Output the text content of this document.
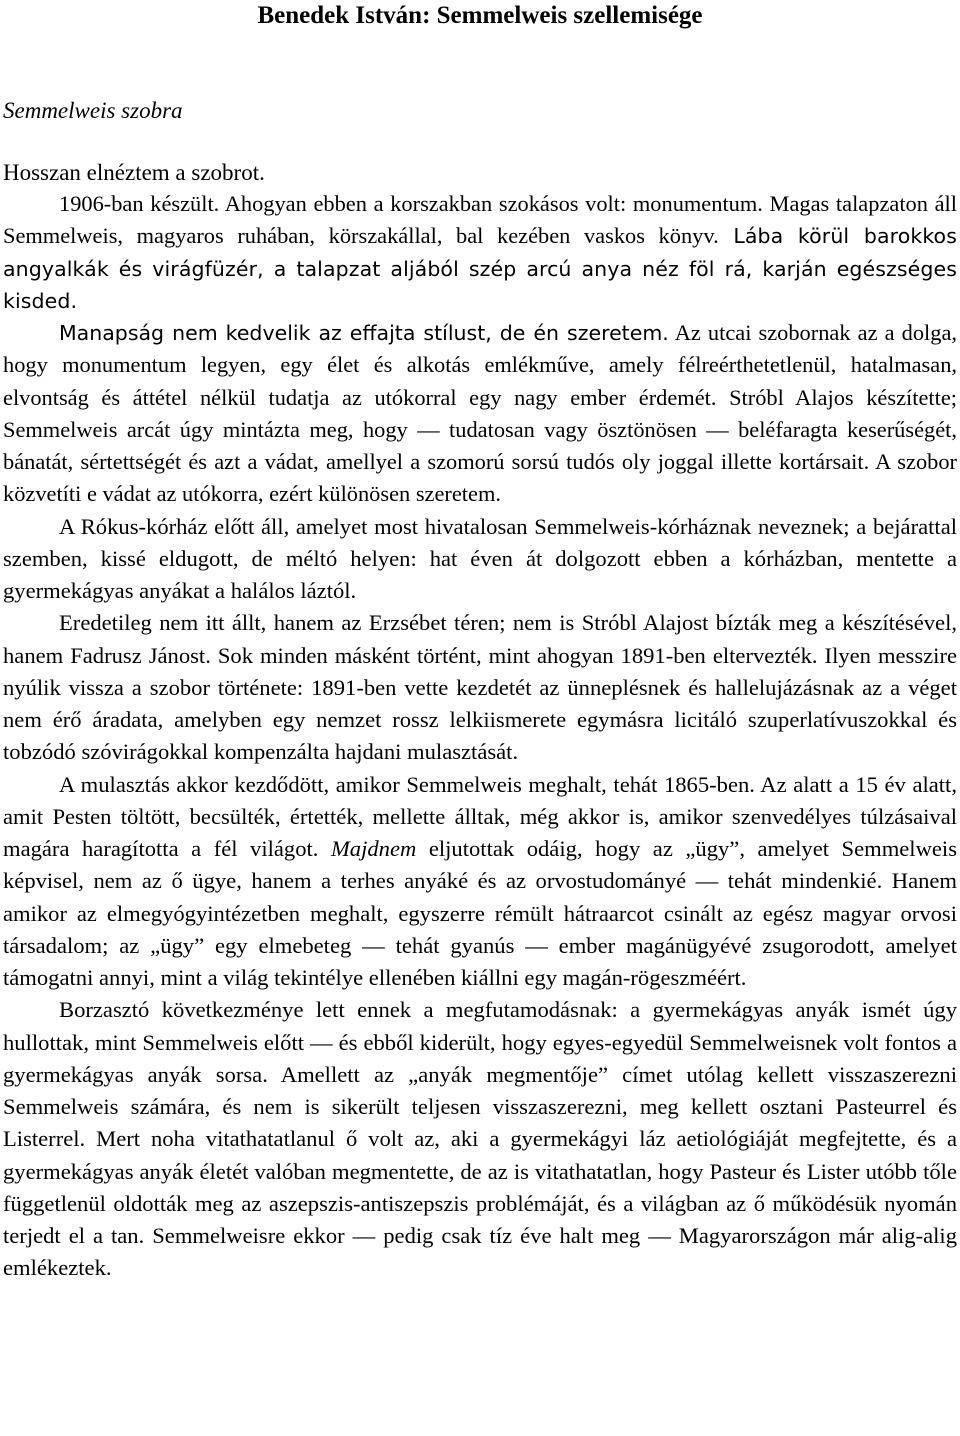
Benedek István: Semmelweis szellemisége
Semmelweis szobra
Hosszan elnéztem a szobrot.

1906-ban készült. Ahogyan ebben a korszakban szokásos volt: monumentum. Magas talapzaton áll Semmelweis, magyaros ruhában, körszakállal, bal kezében vaskos könyv. Lába körül barokkos angyalkák és virágfüzér, a talapzat aljából szép arcú anya néz föl rá, karján egészséges kisded.

Manapság nem kedvelik az effajta stílust, de én szeretem. Az utcai szobornak az a dolga, hogy monumentum legyen, egy élet és alkotás emlékműve, amely félreérthetetlenül, hatalmasan, elvontság és áttétel nélkül tudatja az utókorral egy nagy ember érdemét. Stróbl Alajos készítette; Semmelweis arcát úgy mintázta meg, hogy ― tudatosan vagy ösztönösen ― beléfaragta keserűségét, bánatát, sértettségét és azt a vádat, amellyel a szomorú sorsú tudós oly joggal illette kortársait. A szobor közvetíti e vádat az utókorra, ezért különösen szeretem.

A Rókus-kórház előtt áll, amelyet most hivatalosan Semmelweis-kórháznak neveznek; a bejárattal szemben, kissé eldugott, de méltó helyen: hat éven át dolgozott ebben a kórházban, mentette a gyermekágyas anyákat a halálos láztól.

Eredetileg nem itt állt, hanem az Erzsébet téren; nem is Stróbl Alajost bízták meg a készítésével, hanem Fadrusz Jánost. Sok minden másként történt, mint ahogyan 1891-ben eltervezték. Ilyen messzire nyúlik vissza a szobor története: 1891-ben vette kezdetét az ünneplésnek és hallelujázásnak az a véget nem érő áradata, amelyben egy nemzet rossz lelkiismerete egymásra licitáló szuperlatívuszokkal és tobzódó szóvirágokkal kompenzálta hajdani mulasztását.

A mulasztás akkor kezdődött, amikor Semmelweis meghalt, tehát 1865-ben. Az alatt a 15 év alatt, amit Pesten töltött, becsülték, értették, mellette álltak, még akkor is, amikor szenvedélyes túlzásaival magára haragította a fél világot. Majdnem eljutottak odáig, hogy az „ügy”, amelyet Semmelweis képvisel, nem az ő ügye, hanem a terhes anyáké és az orvostudományé ― tehát mindenkié. Hanem amikor az elmegyógyintézetben meghalt, egyszerre rémült hátraarcot csinált az egész magyar orvosi társadalom; az „ügy” egy elmebeteg ― tehát gyanús ― ember magánügyévé zsugorodott, amelyet támogatni annyi, mint a világ tekintélye ellenében kiállni egy magán-rögeszméért.

Borzasztó következménye lett ennek a megfutamodásnak: a gyermekágyas anyák ismét úgy hullottak, mint Semmelweis előtt ― és ebből kiderült, hogy egyes-egyedül Semmelweisnek volt fontos a gyermekágyas anyák sorsa. Amellett az „anyák megmentője” címet utólag kellett visszaszerezni Semmelweis számára, és nem is sikerült teljesen visszaszerezni, meg kellett osztani Pasteurrel és Listerrel. Mert noha vitathatatlanul ő volt az, aki a gyermekágyi láz aetiológiáját megfejtette, és a gyermekágyas anyák életét valóban megmentette, de az is vitathatatlan, hogy Pasteur és Lister utóbb tőle függetlenül oldották meg az aszepszis-antiszepszis problémáját, és a világban az ő működésük nyomán terjedt el a tan. Semmelweisre ekkor ― pedig csak tíz éve halt meg ― Magyarországon már alig-alig emlékeztek.
